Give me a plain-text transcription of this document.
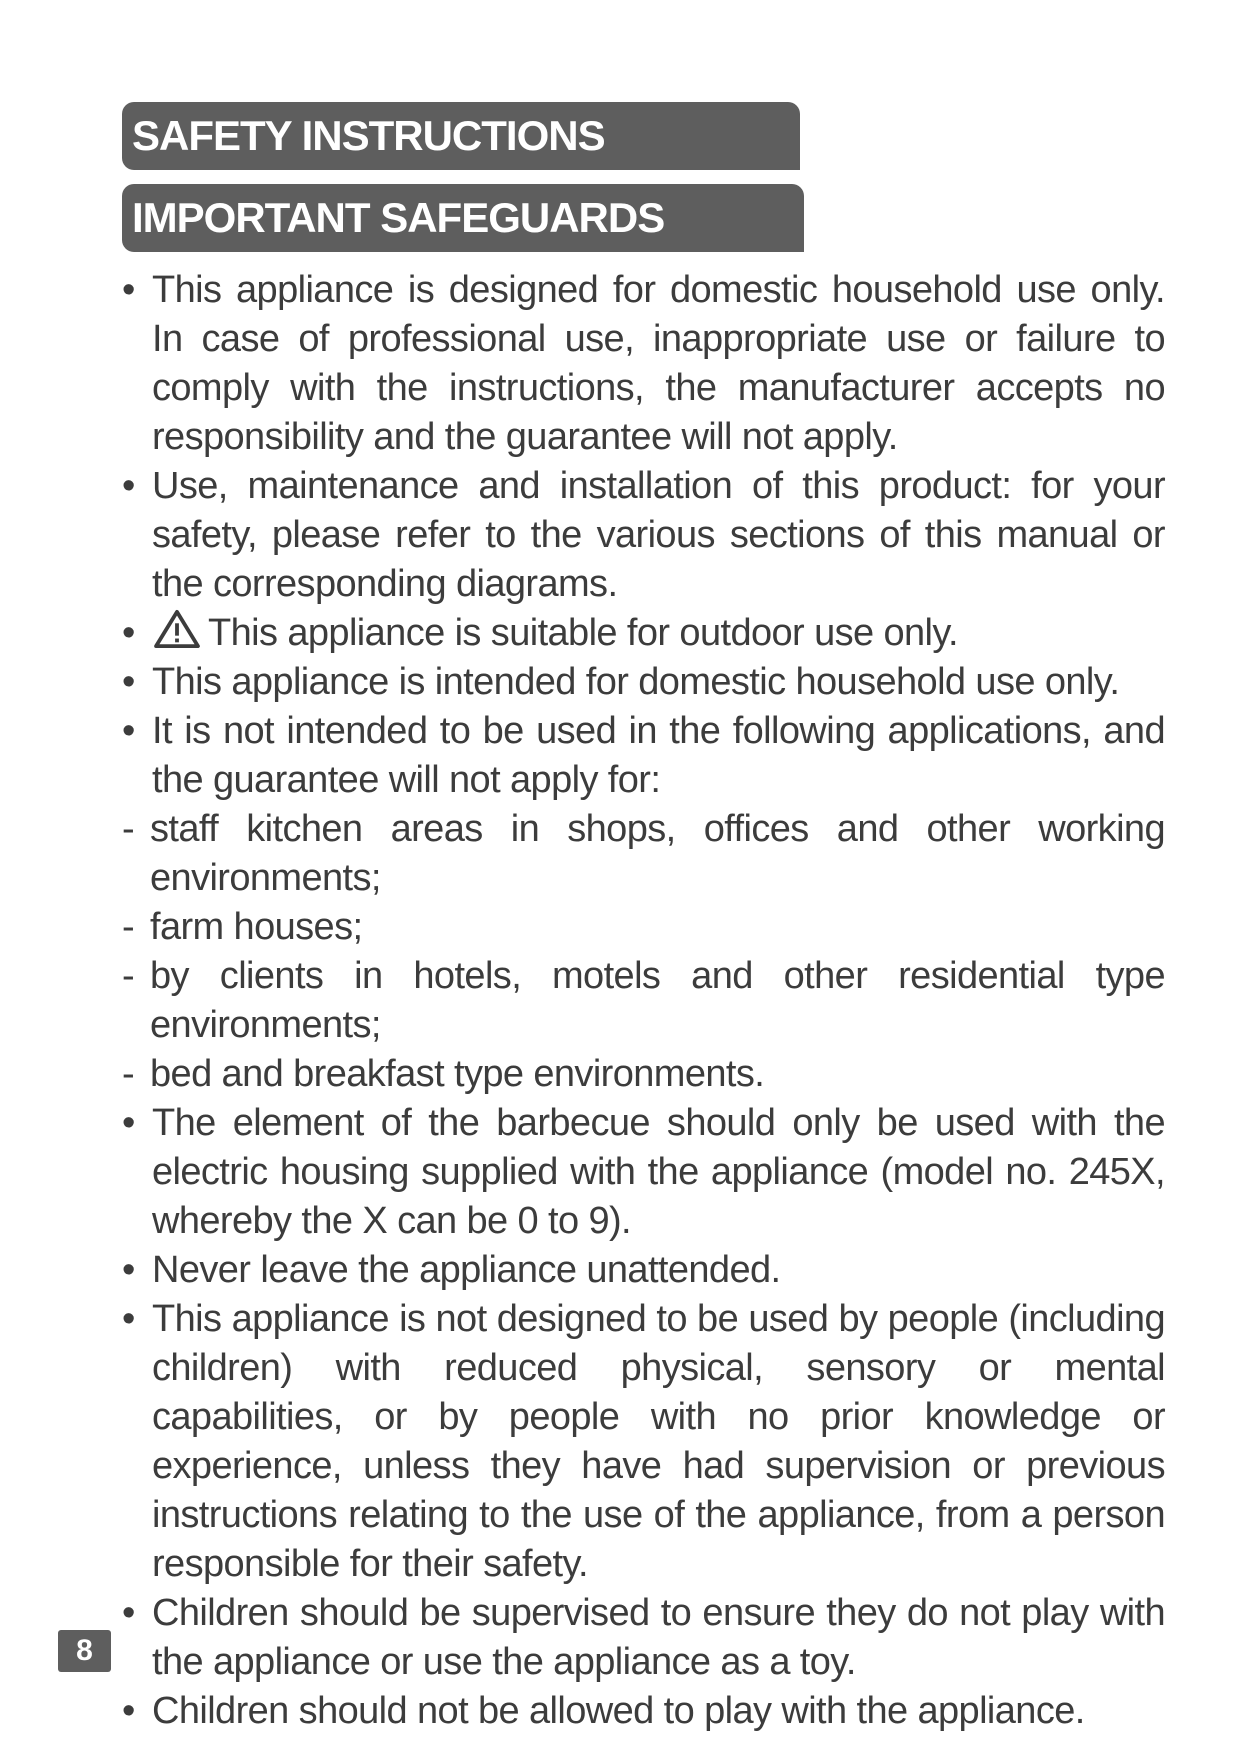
SAFETY INSTRUCTIONS
IMPORTANT SAFEGUARDS

• This appliance is designed for domestic household use only. In case of professional use, inappropriate use or failure to comply with the instructions, the manufacturer accepts no responsibility and the guarantee will not apply.

• Use, maintenance and installation of this product: for your safety, please refer to the various sections of this manual or the corresponding diagrams.

• This appliance is suitable for outdoor use only.

• This appliance is intended for domestic household use only.

• It is not intended to be used in the following applications, and the guarantee will not apply for:

- staff kitchen areas in shops, offices and other working environments;

- farm houses;

- by clients in hotels, motels and other residential type environments;

- bed and breakfast type environments.

• The element of the barbecue should only be used with the electric housing supplied with the appliance (model no. 245X, whereby the X can be 0 to 9).

• Never leave the appliance unattended.

• This appliance is not designed to be used by people (including children) with reduced physical, sensory or mental capabilities, or by people with no prior knowledge or experience, unless they have had supervision or previous instructions relating to the use of the appliance, from a person responsible for their safety.

• Children should be supervised to ensure they do not play with the appliance or use the appliance as a toy.

• Children should not be allowed to play with the appliance.

8
